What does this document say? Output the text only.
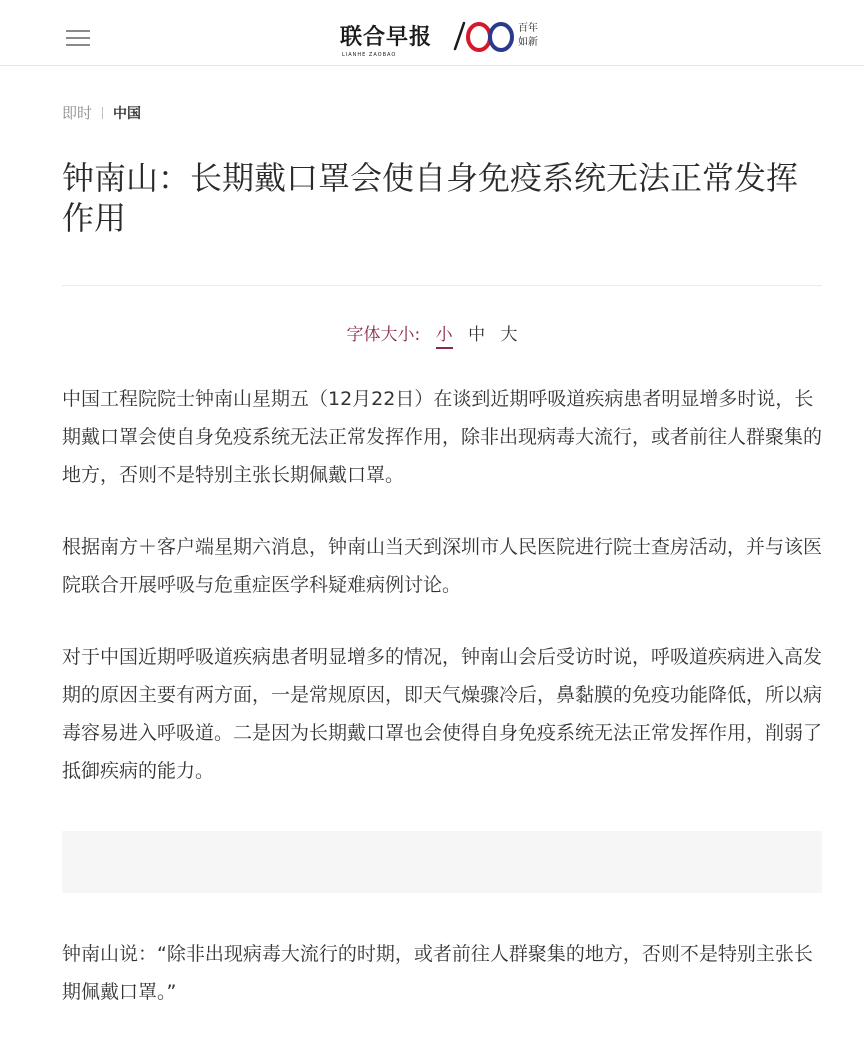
联合早报
LIANHE ZAOBAO
百年
如新
即时 中国
钟南山：长期戴口罩会使自身免疫系统无法正常发挥作用
字体大小: 小 中 大

中国工程院院士钟南山星期五（12月22日）在谈到近期呼吸道疾病患者明显增多时说，长期戴口罩会使自身免疫系统无法正常发挥作用，除非出现病毒大流行，或者前往人群聚集的地方，否则不是特别主张长期佩戴口罩。

根据南方＋客户端星期六消息，钟南山当天到深圳市人民医院进行院士查房活动，并与该医院联合开展呼吸与危重症医学科疑难病例讨论。

对于中国近期呼吸道疾病患者明显增多的情况，钟南山会后受访时说，呼吸道疾病进入高发期的原因主要有两方面，一是常规原因，即天气燥骤冷后，鼻黏膜的免疫功能降低，所以病毒容易进入呼吸道。二是因为长期戴口罩也会使得自身免疫系统无法正常发挥作用，削弱了抵御疾病的能力。

钟南山说：“除非出现病毒大流行的时期，或者前往人群聚集的地方，否则不是特别主张长期佩戴口罩。”
